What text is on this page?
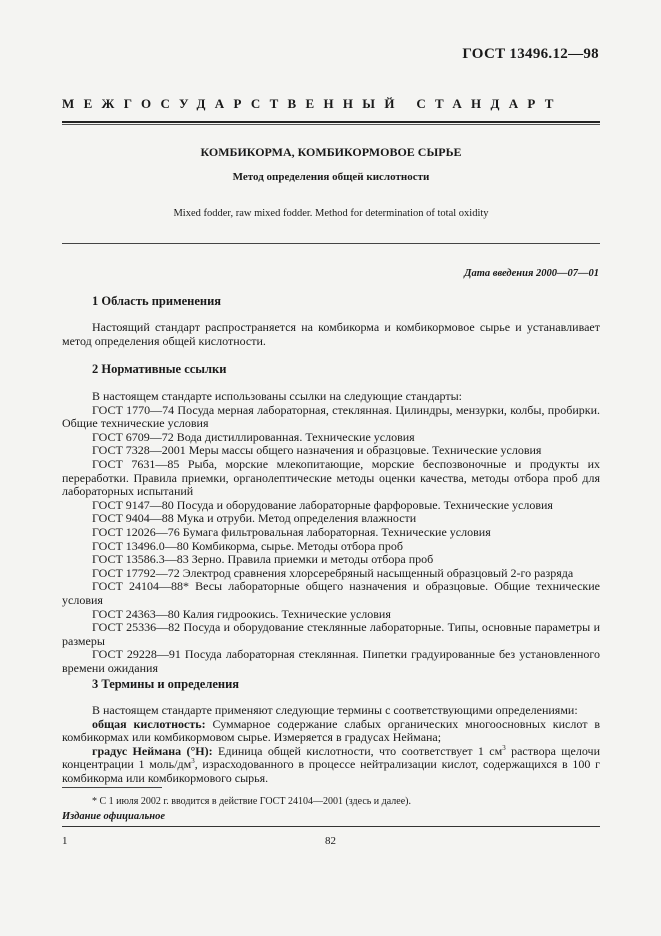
ГОСТ 13496.12—98
МЕЖГОСУДАРСТВЕННЫЙ СТАНДАРТ
КОМБИКОРМА, КОМБИКОРМОВОЕ СЫРЬЕ
Метод определения общей кислотности
Mixed fodder, raw mixed fodder. Method for determination of total oxidity
Дата введения 2000—07—01
1 Область применения

Настоящий стандарт распространяется на комбикорма и комбикормовое сырье и устанавливает метод определения общей кислотности.

2 Нормативные ссылки

В настоящем стандарте использованы ссылки на следующие стандарты:

ГОСТ 1770—74 Посуда мерная лабораторная, стеклянная. Цилиндры, мензурки, колбы, пробирки. Общие технические условия

ГОСТ 6709—72 Вода дистиллированная. Технические условия

ГОСТ 7328—2001 Меры массы общего назначения и образцовые. Технические условия

ГОСТ 7631—85 Рыба, морские млекопитающие, морские беспозвоночные и продукты их переработки. Правила приемки, органолептические методы оценки качества, методы отбора проб для лабораторных испытаний

ГОСТ 9147—80 Посуда и оборудование лабораторные фарфоровые. Технические условия

ГОСТ 9404—88 Мука и отруби. Метод определения влажности

ГОСТ 12026—76 Бумага фильтровальная лабораторная. Технические условия

ГОСТ 13496.0—80 Комбикорма, сырье. Методы отбора проб

ГОСТ 13586.3—83 Зерно. Правила приемки и методы отбора проб

ГОСТ 17792—72 Электрод сравнения хлорсеребряный насыщенный образцовый 2-го разряда

ГОСТ 24104—88* Весы лабораторные общего назначения и образцовые. Общие технические условия

ГОСТ 24363—80 Калия гидроокись. Технические условия

ГОСТ 25336—82 Посуда и оборудование стеклянные лабораторные. Типы, основные параметры и размеры

ГОСТ 29228—91 Посуда лабораторная стеклянная. Пипетки градуированные без установленного времени ожидания

3 Термины и определения

В настоящем стандарте применяют следующие термины с соответствующими определениями:

общая кислотность: Суммарное содержание слабых органических многоосновных кислот в комбикормах или комбикормовом сырье. Измеряется в градусах Неймана;

градус Неймана (°Н): Единица общей кислотности, что соответствует 1 $см^3$ раствора щелочи концентрации 1 моль/$дм^3$, израсходованного в процессе нейтрализации кислот, содержащихся в 100 г комбикорма или комбикормового сырья.

* С 1 июля 2002 г. вводится в действие ГОСТ 24104—2001 (здесь и далее).
Издание официальное
1	82
